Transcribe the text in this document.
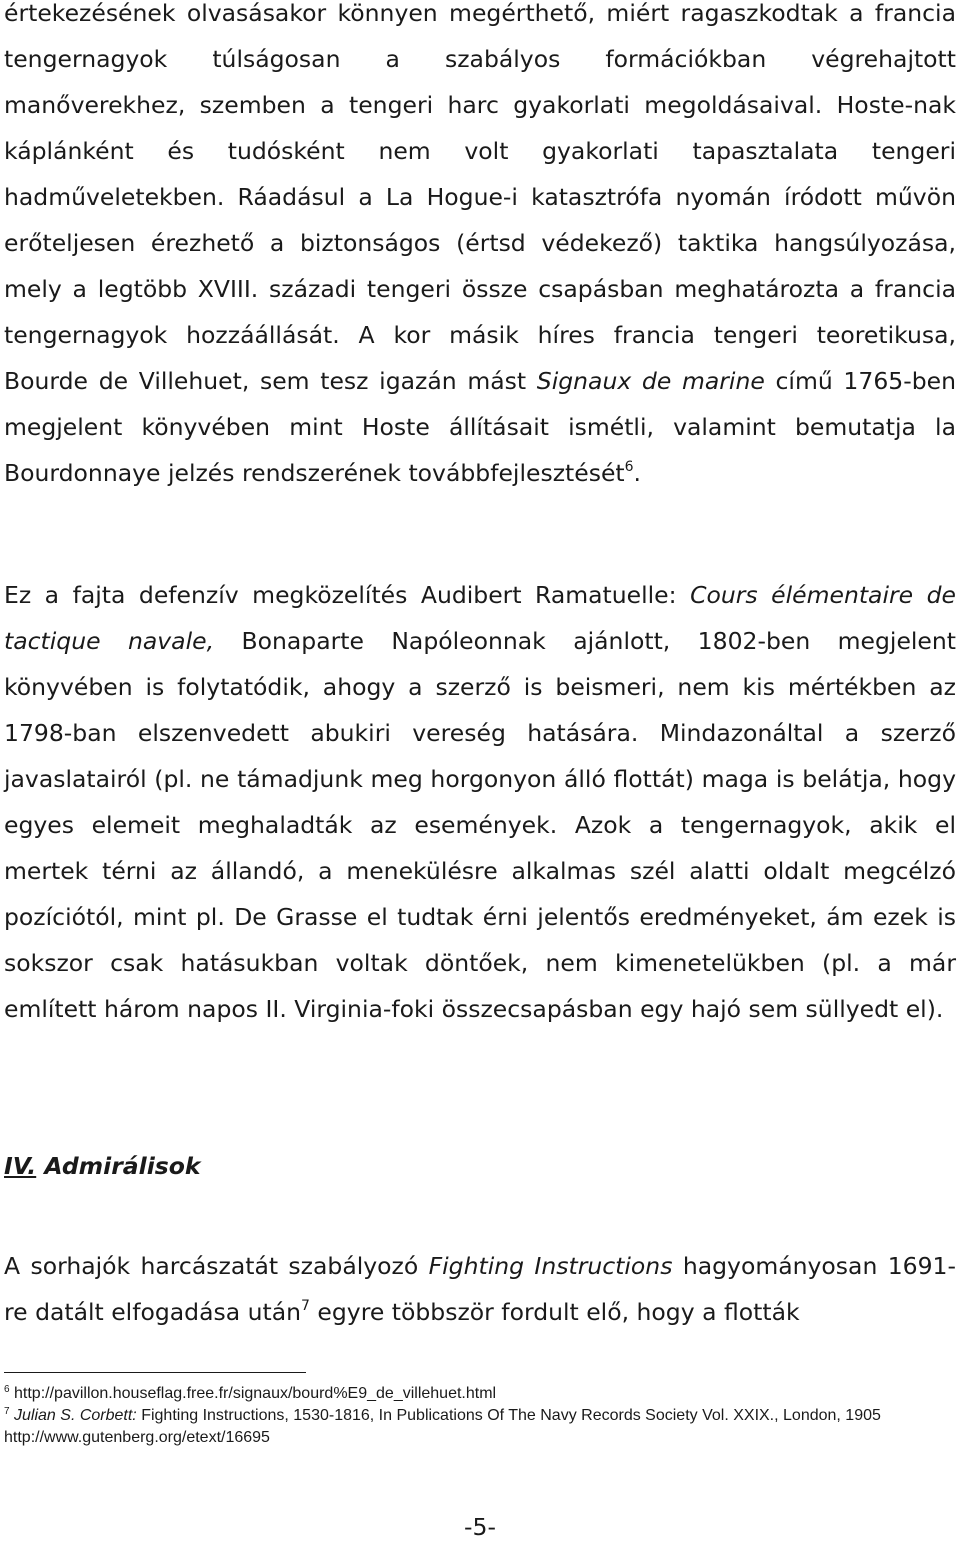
értekezésének olvasásakor könnyen megérthető, miért ragaszkodtak a francia tengernagyok túlságosan a szabályos formációkban végrehajtott manőverekhez, szemben a tengeri harc gyakorlati megoldásaival. Hoste-nak káplánként és tudósként nem volt gyakorlati tapasztalata tengeri hadműveletekben. Ráadásul a La Hogue-i katasztrófa nyomán íródott művön erőteljesen érezhető a biztonságos (értsd védekező) taktika hangsúlyozása, mely a legtöbb XVIII. századi tengeri össze csapásban meghatározta a francia tengernagyok hozzáállását. A kor másik híres francia tengeri teoretikusa, Bourde de Villehuet, sem tesz igazán mást Signaux de marine című 1765-ben megjelent könyvében mint Hoste állításait ismétli, valamint bemutatja la Bourdonnaye jelzés rendszerének továbbfejlesztését$^6$.

Ez a fajta defenzív megközelítés Audibert Ramatuelle: Cours élémentaire de tactique navale, Bonaparte Napóleonnak ajánlott, 1802-ben megjelent könyvében is folytatódik, ahogy a szerző is beismeri, nem kis mértékben az 1798-ban elszenvedett abukiri vereség hatására. Mindazonáltal a szerző javaslatairól (pl. ne támadjunk meg horgonyon álló flottát) maga is belátja, hogy egyes elemeit meghaladták az események. Azok a tengernagyok, akik el mertek térni az állandó, a menekülésre alkalmas szél alatti oldalt megcélzó pozíciótól, mint pl. De Grasse el tudtak érni jelentős eredményeket, ám ezek is sokszor csak hatásukban voltak döntőek, nem kimenetelükben (pl. a már említett három napos II. Virginia-foki összecsapásban egy hajó sem süllyedt el).

IV. Admirálisok

A sorhajók harcászatát szabályozó Fighting Instructions hagyományosan 1691-re datált elfogadása után$^7$ egyre többször fordult elő, hogy a flották

$^6$ http://pavillon.houseflag.free.fr/signaux/bourd%E9_de_villehuet.html

$^7$ Julian S. Corbett: Fighting Instructions, 1530-1816, In Publications Of The Navy Records Society Vol. XXIX., London, 1905 http://www.gutenberg.org/etext/16695

-5-
